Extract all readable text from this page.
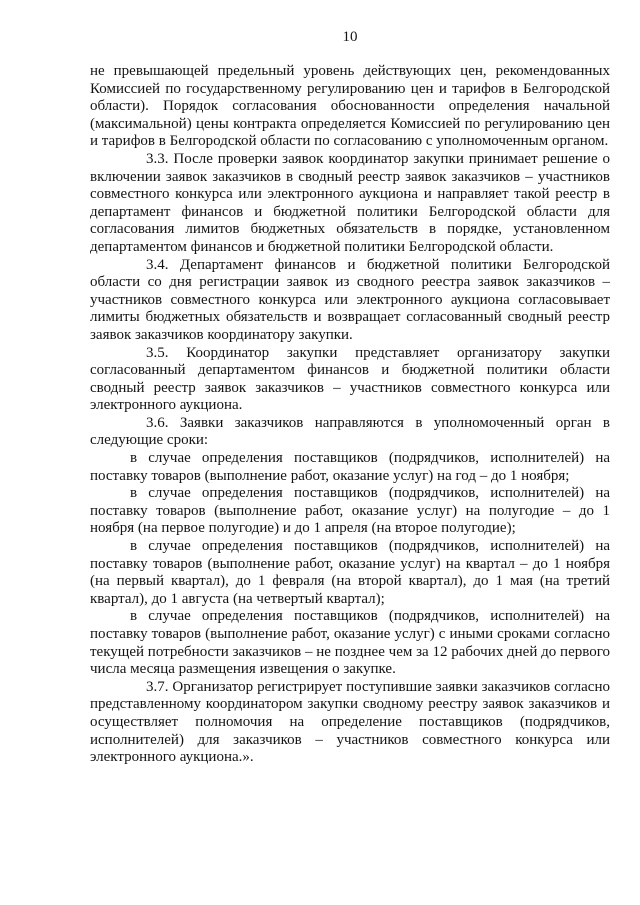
10

не превышающей предельный уровень действующих цен, рекомендованных Комиссией по государственному регулированию цен и тарифов в Белгородской области). Порядок согласования обоснованности определения начальной (максимальной) цены контракта определяется Комиссией по регулированию цен и тарифов в Белгородской области по согласованию с уполномоченным органом.

3.3. После проверки заявок координатор закупки принимает решение о включении заявок заказчиков в сводный реестр заявок заказчиков – участников совместного конкурса или электронного аукциона и направляет такой реестр в департамент финансов и бюджетной политики Белгородской области для согласования лимитов бюджетных обязательств в порядке, установленном департаментом финансов и бюджетной политики Белгородской области.

3.4. Департамент финансов и бюджетной политики Белгородской области со дня регистрации заявок из сводного реестра заявок заказчиков – участников совместного конкурса или электронного аукциона согласовывает лимиты бюджетных обязательств и возвращает согласованный сводный реестр заявок заказчиков координатору закупки.

3.5. Координатор закупки представляет организатору закупки согласованный департаментом финансов и бюджетной политики области сводный реестр заявок заказчиков – участников совместного конкурса или электронного аукциона.

3.6. Заявки заказчиков направляются в уполномоченный орган в следующие сроки:

в случае определения поставщиков (подрядчиков, исполнителей) на поставку товаров (выполнение работ, оказание услуг) на год – до 1 ноября;

в случае определения поставщиков (подрядчиков, исполнителей) на поставку товаров (выполнение работ, оказание услуг) на полугодие – до 1 ноября (на первое полугодие) и до 1 апреля (на второе полугодие);

в случае определения поставщиков (подрядчиков, исполнителей) на поставку товаров (выполнение работ, оказание услуг) на квартал – до 1 ноября (на первый квартал), до 1 февраля (на второй квартал), до 1 мая (на третий квартал), до 1 августа (на четвертый квартал);

в случае определения поставщиков (подрядчиков, исполнителей) на поставку товаров (выполнение работ, оказание услуг) с иными сроками согласно текущей потребности заказчиков – не позднее чем за 12 рабочих дней до первого числа месяца размещения извещения о закупке.

3.7. Организатор регистрирует поступившие заявки заказчиков согласно представленному координатором закупки сводному реестру заявок заказчиков и осуществляет полномочия на определение поставщиков (подрядчиков, исполнителей) для заказчиков – участников совместного конкурса или электронного аукциона.».
